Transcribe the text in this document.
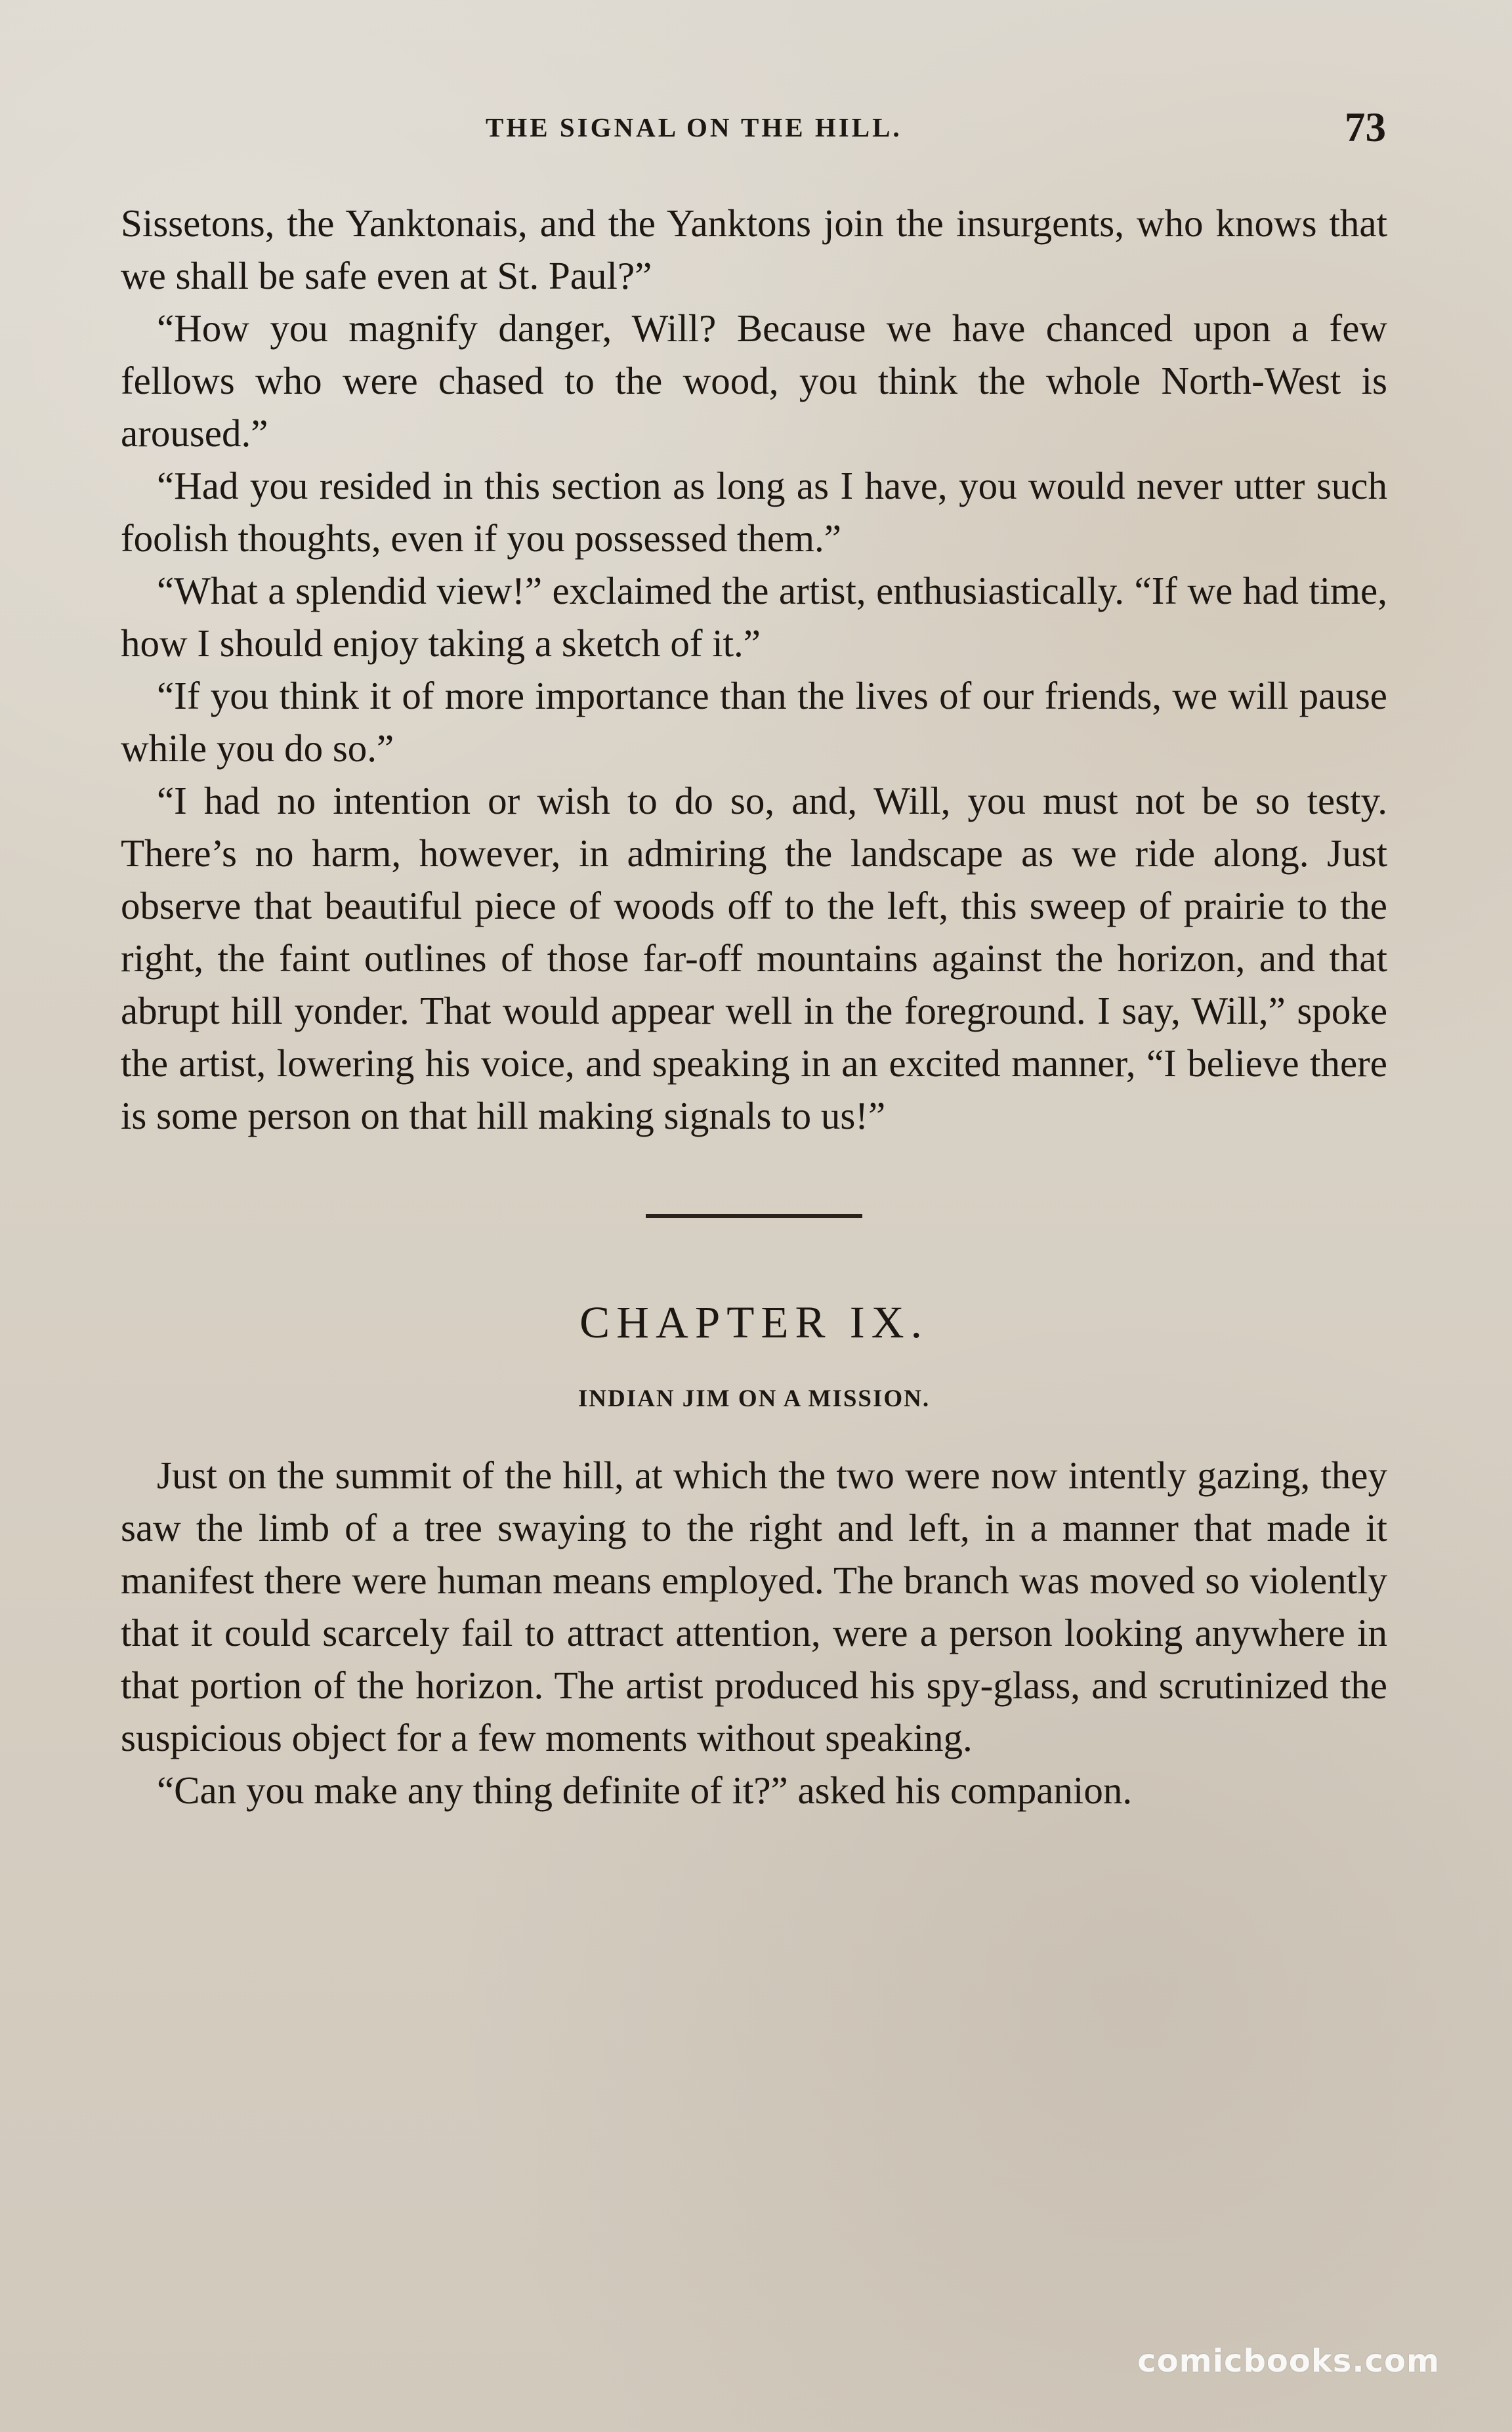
THE SIGNAL ON THE HILL.	73

Sissetons, the Yanktonais, and the Yanktons join the insurgents, who knows that we shall be safe even at St. Paul?”

“How you magnify danger, Will? Because we have chanced upon a few fellows who were chased to the wood, you think the whole North-West is aroused.”

“Had you resided in this section as long as I have, you would never utter such foolish thoughts, even if you possessed them.”

“What a splendid view!” exclaimed the artist, enthusiastically. “If we had time, how I should enjoy taking a sketch of it.”

“If you think it of more importance than the lives of our friends, we will pause while you do so.”

“I had no intention or wish to do so, and, Will, you must not be so testy. There’s no harm, however, in admiring the landscape as we ride along. Just observe that beautiful piece of woods off to the left, this sweep of prairie to the right, the faint outlines of those far-off mountains against the horizon, and that abrupt hill yonder. That would appear well in the foreground. I say, Will,” spoke the artist, lowering his voice, and speaking in an excited manner, “I believe there is some person on that hill making signals to us!”

CHAPTER IX.
INDIAN JIM ON A MISSION.

Just on the summit of the hill, at which the two were now intently gazing, they saw the limb of a tree swaying to the right and left, in a manner that made it manifest there were human means employed. The branch was moved so violently that it could scarcely fail to attract attention, were a person looking anywhere in that portion of the horizon. The artist produced his spy-glass, and scrutinized the suspicious object for a few moments without speaking.

“Can you make any thing definite of it?” asked his companion.

comicbooks.com
